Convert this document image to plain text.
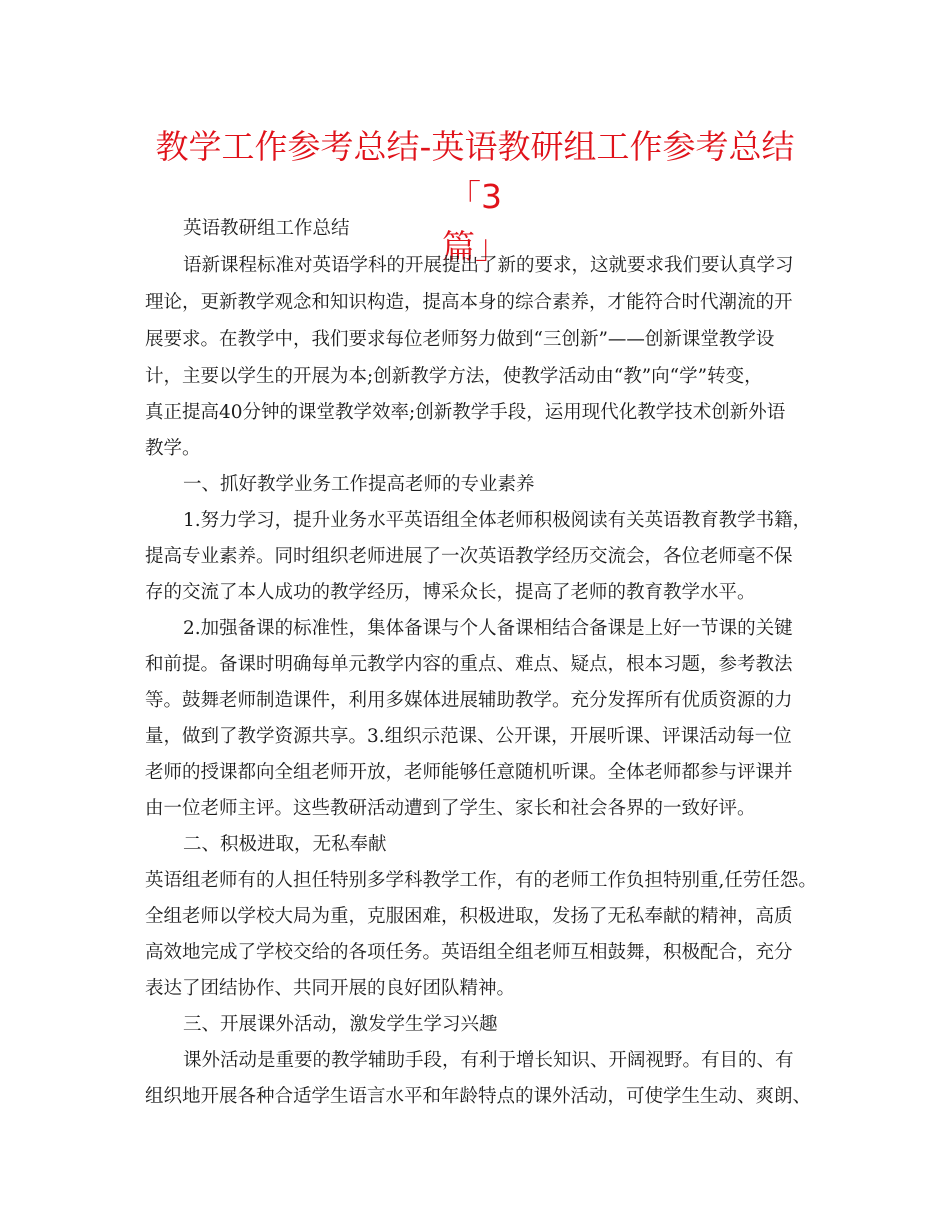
教学工作参考总结-英语教研组工作参考总结「3
篇」
英语教研组工作总结
语新课程标准对英语学科的开展提出了新的要求，这就要求我们要认真学习
理论，更新教学观念和知识构造，提高本身的综合素养，才能符合时代潮流的开
展要求。在教学中，我们要求每位老师努力做到“三创新”——创新课堂教学设
计，主要以学生的开展为本;创新教学方法，使教学活动由“教”向“学”转变，
真正提高40分钟的课堂教学效率;创新教学手段，运用现代化教学技术创新外语
教学。
一、抓好教学业务工作提高老师的专业素养
1.努力学习，提升业务水平英语组全体老师积极阅读有关英语教育教学书籍，
提高专业素养。同时组织老师进展了一次英语教学经历交流会，各位老师毫不保
存的交流了本人成功的教学经历，博采众长，提高了老师的教育教学水平。
2.加强备课的标准性，集体备课与个人备课相结合备课是上好一节课的关键
和前提。备课时明确每单元教学内容的重点、难点、疑点，根本习题，参考教法
等。鼓舞老师制造课件，利用多媒体进展辅助教学。充分发挥所有优质资源的力
量，做到了教学资源共享。3.组织示范课、公开课，开展听课、评课活动每一位
老师的授课都向全组老师开放，老师能够任意随机听课。全体老师都参与评课并
由一位老师主评。这些教研活动遭到了学生、家长和社会各界的一致好评。
二、积极进取，无私奉献
英语组老师有的人担任特别多学科教学工作，有的老师工作负担特别重,任劳任怨。
全组老师以学校大局为重，克服困难，积极进取，发扬了无私奉献的精神，高质
高效地完成了学校交给的各项任务。英语组全组老师互相鼓舞，积极配合，充分
表达了团结协作、共同开展的良好团队精神。
三、开展课外活动，激发学生学习兴趣
课外活动是重要的教学辅助手段，有利于增长知识、开阔视野。有目的、有
组织地开展各种合适学生语言水平和年龄特点的课外活动，可使学生生动、爽朗、
